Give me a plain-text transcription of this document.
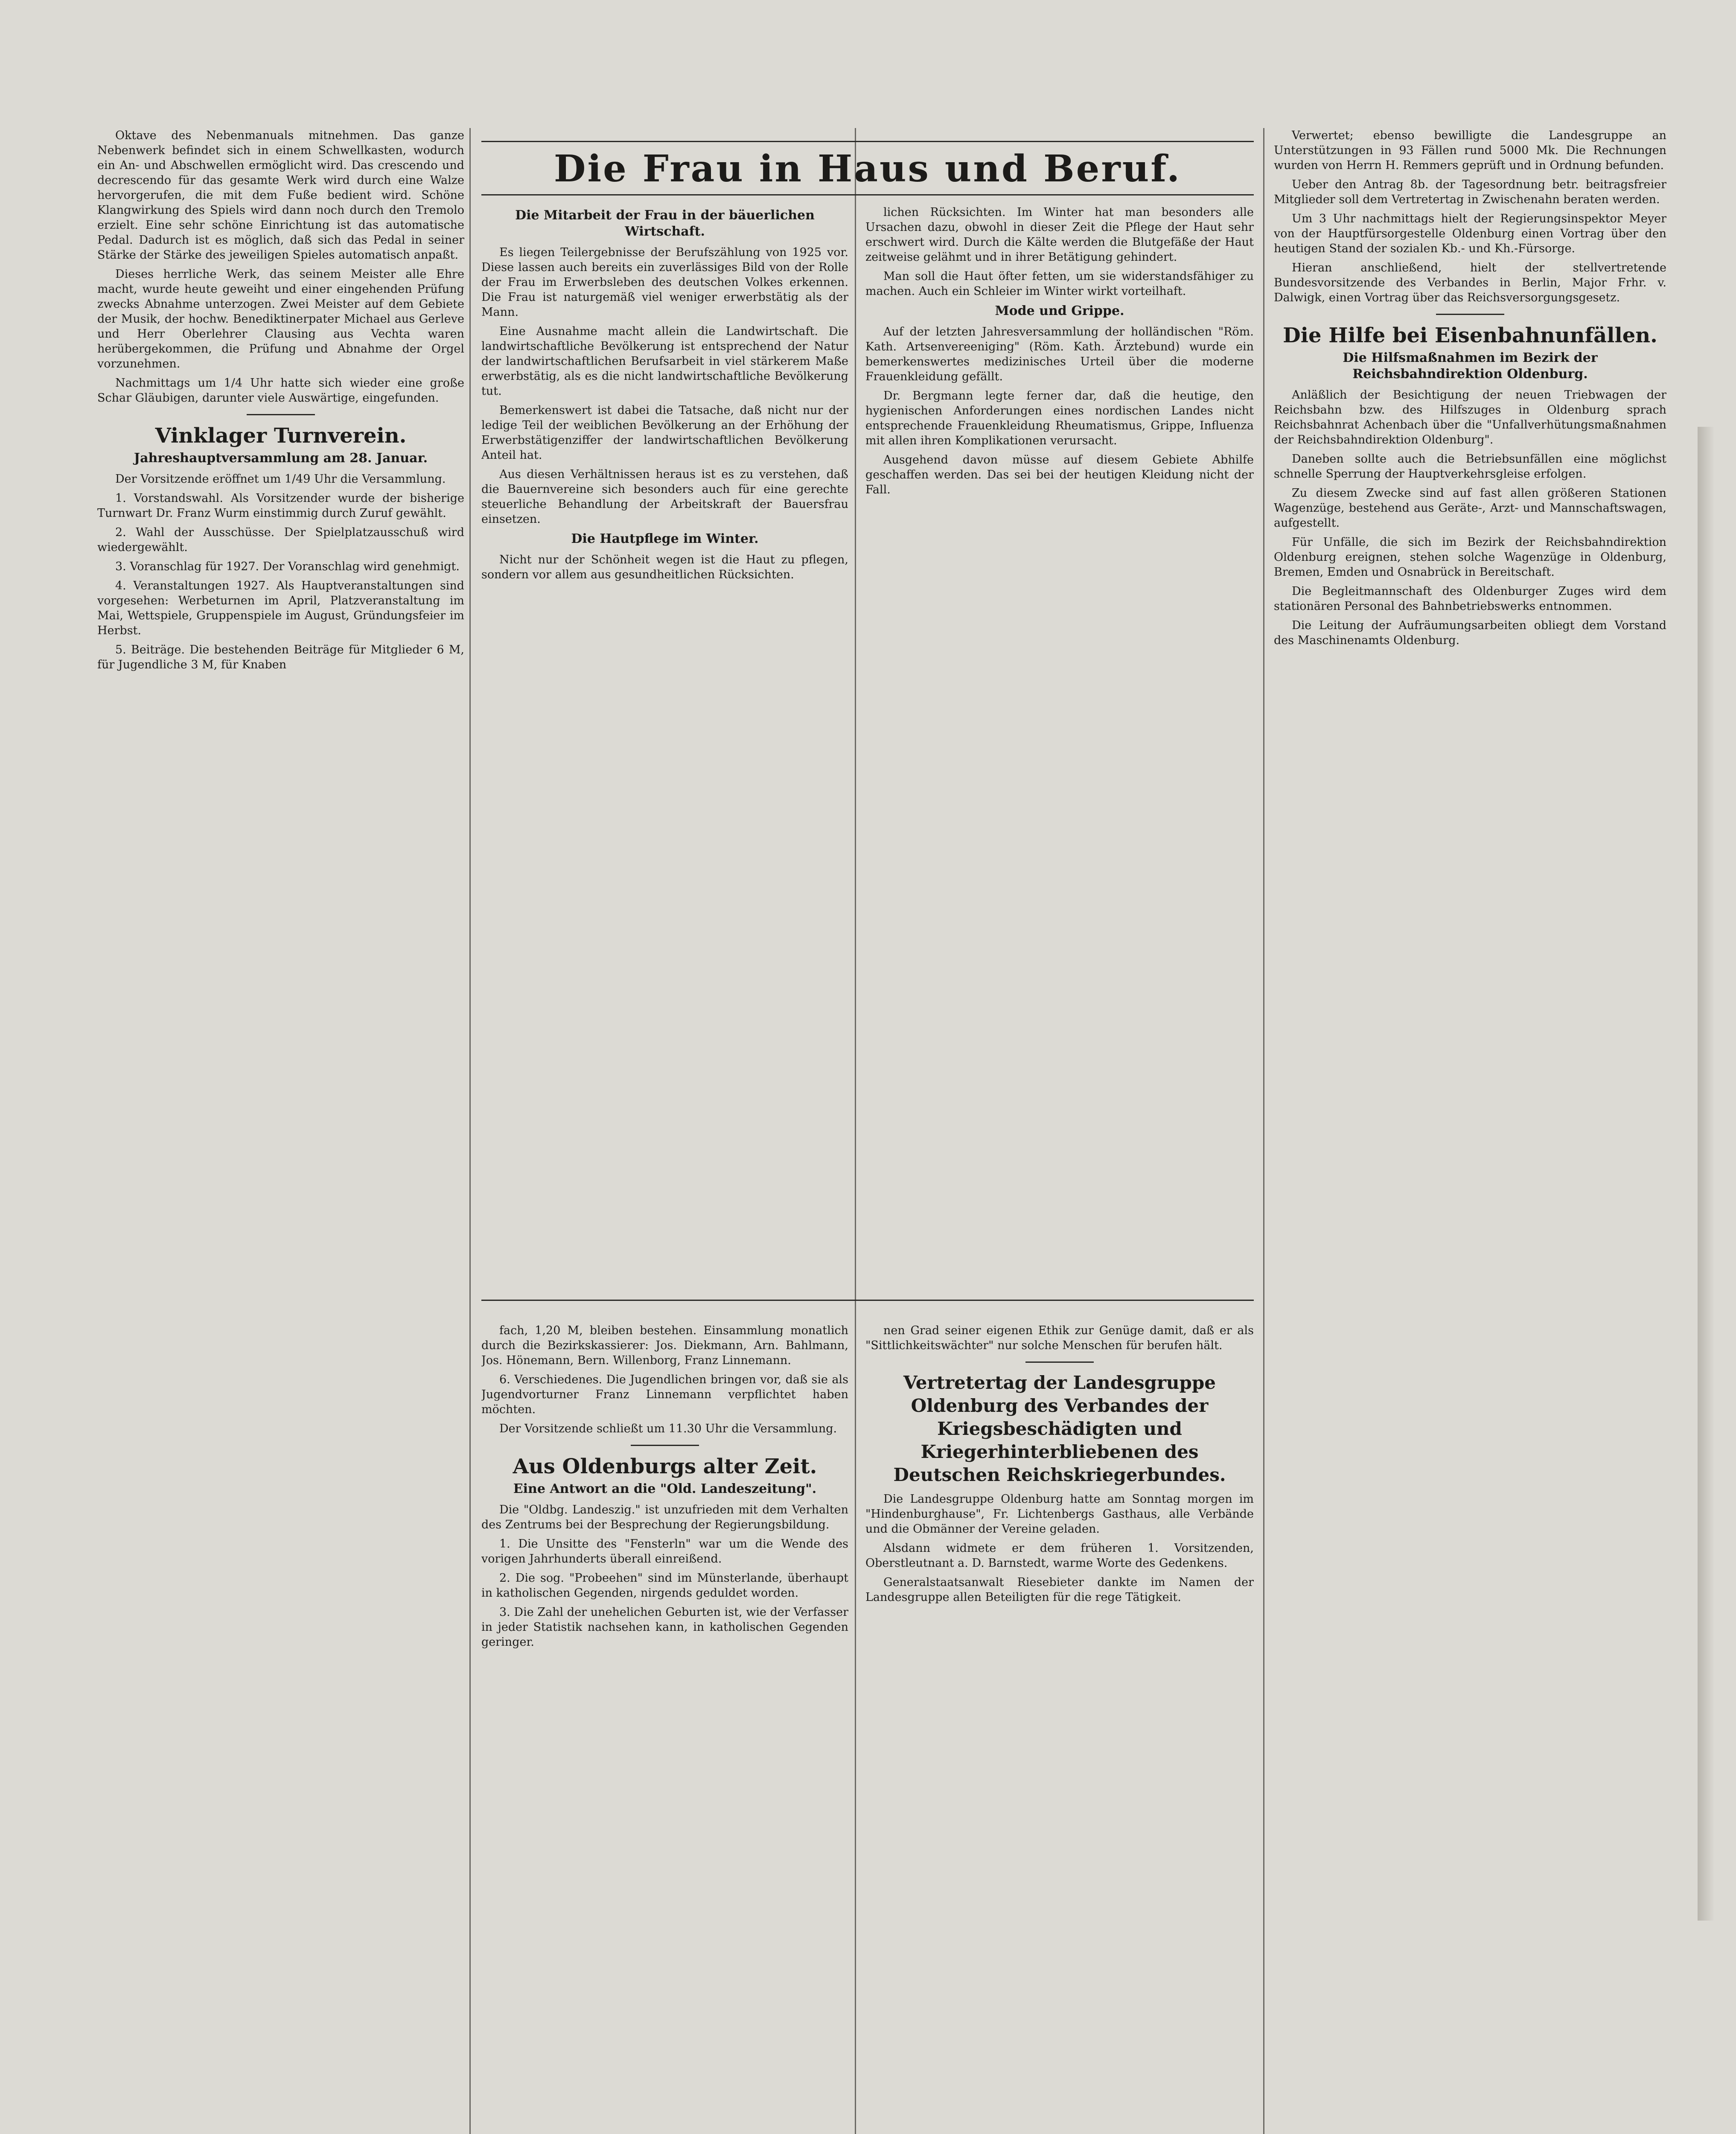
Die Frau in Haus und Beruf.

Oktave des Nebenmanuals mitnehmen. Das ganze Nebenwerk befindet sich in einem Schwellkasten, wodurch ein An- und Abschwellen ermöglicht wird. Das crescendo und decrescendo für das gesamte Werk wird durch eine Walze hervorgerufen, die mit dem Fuße bedient wird. Schöne Klangwirkung des Spiels wird dann noch durch den Tremolo erzielt. Eine sehr schöne Einrichtung ist das automatische Pedal. Dadurch ist es möglich, daß sich das Pedal in seiner Stärke der Stärke des jeweiligen Spieles automatisch anpaßt.

Dieses herrliche Werk, das seinem Meister alle Ehre macht, wurde heute geweiht und einer eingehenden Prüfung zwecks Abnahme unterzogen. Zwei Meister auf dem Gebiete der Musik, der hochw. Benediktinerpater Michael aus Gerleve und Herr Oberlehrer Clausing aus Vechta waren herübergekommen, die Prüfung und Abnahme der Orgel vorzunehmen.

Nachmittags um 1/4 Uhr hatte sich wieder eine große Schar Gläubigen, darunter viele Auswärtige, eingefunden.

Vinklager Turnverein.
Jahreshauptversammlung am 28. Januar.

Der Vorsitzende eröffnet um 1/49 Uhr die Versammlung.

1. Vorstandswahl. Als Vorsitzender wurde der bisherige Turnwart Dr. Franz Wurm einstimmig durch Zuruf gewählt.

2. Wahl der Ausschüsse. Der Spielplatzausschuß wird wiedergewählt.

3. Voranschlag für 1927. Der Voranschlag wird genehmigt.

4. Veranstaltungen 1927. Als Hauptveranstaltungen sind vorgesehen: Werbeturnen im April, Platzveranstaltung im Mai, Wettspiele, Gruppenspiele im August, Gründungsfeier im Herbst.

5. Beiträge. Die bestehenden Beiträge für Mitglieder 6 M, für Jugendliche 3 M, für Knaben

Die Mitarbeit der Frau in der bäuerlichen Wirtschaft.

Es liegen Teilergebnisse der Berufszählung von 1925 vor. Diese lassen auch bereits ein zuverlässiges Bild von der Rolle der Frau im Erwerbsleben des deutschen Volkes erkennen. Die Frau ist naturgemäß viel weniger erwerbstätig als der Mann.

Eine Ausnahme macht allein die Landwirtschaft. Die landwirtschaftliche Bevölkerung ist entsprechend der Natur der landwirtschaftlichen Berufsarbeit in viel stärkerem Maße erwerbstätig, als es die nicht landwirtschaftliche Bevölkerung tut.

Bemerkenswert ist dabei die Tatsache, daß nicht nur der ledige Teil der weiblichen Bevölkerung an der Erhöhung der Erwerbstätigenziffer der landwirtschaftlichen Bevölkerung Anteil hat.

Aus diesen Verhältnissen heraus ist es zu verstehen, daß die Bauernvereine sich besonders auch für eine gerechte steuerliche Behandlung der Arbeitskraft der Bauersfrau einsetzen.

Die Hautpflege im Winter.

Nicht nur der Schönheit wegen ist die Haut zu pflegen, sondern vor allem aus gesundheitlichen Rücksichten.

lichen Rücksichten. Im Winter hat man besonders alle Ursachen dazu, obwohl in dieser Zeit die Pflege der Haut sehr erschwert wird. Durch die Kälte werden die Blutgefäße der Haut zeitweise gelähmt und in ihrer Betätigung gehindert.

Man soll die Haut öfter fetten, um sie widerstandsfähiger zu machen. Auch ein Schleier im Winter wirkt vorteilhaft.

Mode und Grippe.

Auf der letzten Jahresversammlung der holländischen "Röm. Kath. Artsenvereeniging" (Röm. Kath. Ärztebund) wurde ein bemerkenswertes medizinisches Urteil über die moderne Frauenkleidung gefällt.

Dr. Bergmann legte ferner dar, daß die heutige, den hygienischen Anforderungen eines nordischen Landes nicht entsprechende Frauenkleidung Rheumatismus, Grippe, Influenza mit allen ihren Komplikationen verursacht.

Ausgehend davon müsse auf diesem Gebiete Abhilfe geschaffen werden. Das sei bei der heutigen Kleidung nicht der Fall.

fach, 1,20 M, bleiben bestehen. Einsammlung monatlich durch die Bezirkskassierer: Jos. Diekmann, Arn. Bahlmann, Jos. Hönemann, Bern. Willenborg, Franz Linnemann.

6. Verschiedenes. Die Jugendlichen bringen vor, daß sie als Jugendvorturner Franz Linnemann verpflichtet haben möchten.

Der Vorsitzende schließt um 11.30 Uhr die Versammlung.

Aus Oldenburgs alter Zeit.
Eine Antwort an die "Old. Landeszeitung".

Die "Oldbg. Landeszig." ist unzufrieden mit dem Verhalten des Zentrums bei der Besprechung der Regierungsbildung.

1. Die Unsitte des "Fensterln" war um die Wende des vorigen Jahrhunderts überall einreißend.

2. Die sog. "Probeehen" sind im Münsterlande, überhaupt in katholischen Gegenden, nirgends geduldet worden.

3. Die Zahl der unehelichen Geburten ist, wie der Verfasser in jeder Statistik nachsehen kann, in katholischen Gegenden geringer.

nen Grad seiner eigenen Ethik zur Genüge damit, daß er als "Sittlichkeitswächter" nur solche Menschen für berufen hält.

Vertretertag der Landesgruppe Oldenburg des Verbandes der Kriegsbeschädigten und Kriegerhinterbliebenen des Deutschen Reichskriegerbundes.

Die Landesgruppe Oldenburg hatte am Sonntag morgen im "Hindenburghause", Fr. Lichtenbergs Gasthaus, alle Verbände und die Obmänner der Vereine geladen.

Alsdann widmete er dem früheren 1. Vorsitzenden, Oberstleutnant a. D. Barnstedt, warme Worte des Gedenkens.

Generalstaatsanwalt Riesebieter dankte im Namen der Landesgruppe allen Beteiligten für die rege Tätigkeit.

Verwertet; ebenso bewilligte die Landesgruppe an Unterstützungen in 93 Fällen rund 5000 Mk. Die Rechnungen wurden von Herrn H. Remmers geprüft und in Ordnung befunden.

Ueber den Antrag 8b. der Tagesordnung betr. beitragsfreier Mitglieder soll dem Vertretertag in Zwischenahn beraten werden.

Um 3 Uhr nachmittags hielt der Regierungsinspektor Meyer von der Hauptfürsorgestelle Oldenburg einen Vortrag über den heutigen Stand der sozialen Kb.- und Kh.-Fürsorge.

Hieran anschließend, hielt der stellvertretende Bundesvorsitzende des Verbandes in Berlin, Major Frhr. v. Dalwigk, einen Vortrag über das Reichsversorgungsgesetz.

Die Hilfe bei Eisenbahnunfällen.
Die Hilfsmaßnahmen im Bezirk der Reichsbahndirektion Oldenburg.

Anläßlich der Besichtigung der neuen Triebwagen der Reichsbahn bzw. des Hilfszuges in Oldenburg sprach Reichsbahnrat Achenbach über die "Unfallverhütungsmaßnahmen der Reichsbahndirektion Oldenburg".

Daneben sollte auch die Betriebsunfällen eine möglichst schnelle Sperrung der Hauptverkehrsgleise erfolgen.

Zu diesem Zwecke sind auf fast allen größeren Stationen Wagenzüge, bestehend aus Geräte-, Arzt- und Mannschaftswagen, aufgestellt.

Für Unfälle, die sich im Bezirk der Reichsbahndirektion Oldenburg ereignen, stehen solche Wagenzüge in Oldenburg, Bremen, Emden und Osnabrück in Bereitschaft.

Die Begleitmannschaft des Oldenburger Zuges wird dem stationären Personal des Bahnbetriebswerks entnommen.

Die Leitung der Aufräumungsarbeiten obliegt dem Vorstand des Maschinenamts Oldenburg.
